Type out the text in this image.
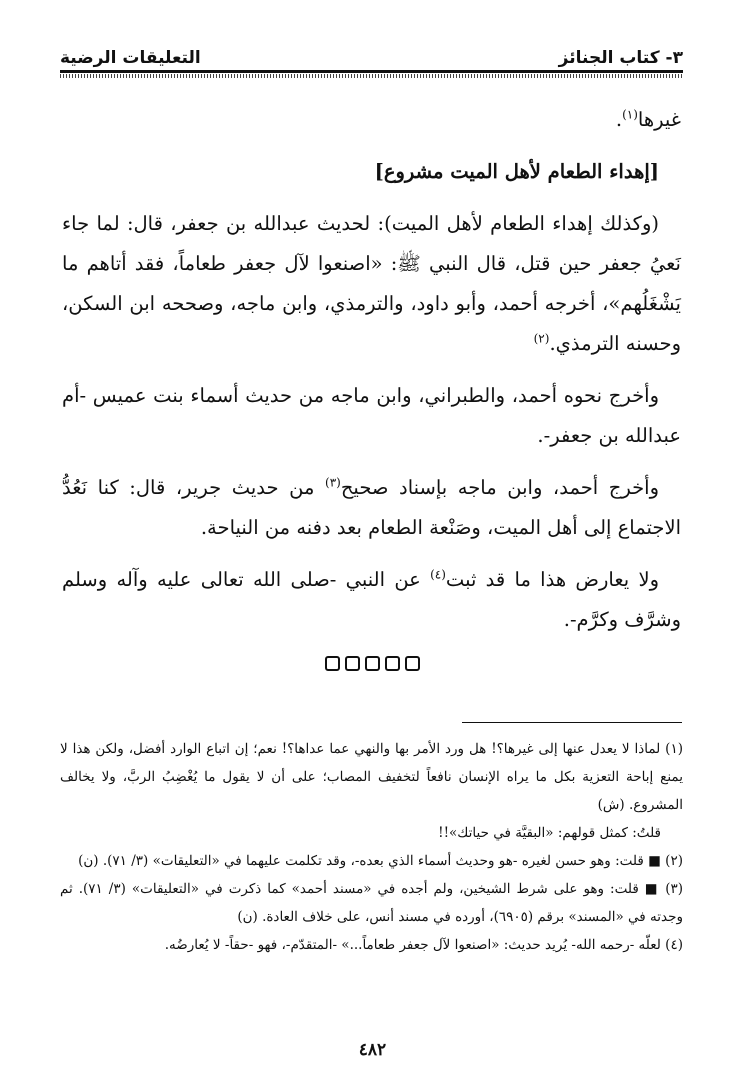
٣- كتاب الجنائز
التعليقات الرضية

غيرها$^{(١)}$.

[إهداء الطعام لأهل الميت مشروع]

(وكذلك إهداء الطعام لأهل الميت): لحديث عبدالله بن جعفر، قال: لما جاء نَعيُ جعفر حين قتل، قال النبي ﷺ: «اصنعوا لآل جعفر طعاماً، فقد أتاهم ما يَشْغَلُهم»، أخرجه أحمد، وأبو داود، والترمذي، وابن ماجه، وصححه ابن السكن، وحسنه الترمذي.$^{(٢)}$

وأخرج نحوه أحمد، والطبراني، وابن ماجه من حديث أسماء بنت عميس -أم عبدالله بن جعفر-.

وأخرج أحمد، وابن ماجه بإسناد صحيح$^{(٣)}$ من حديث جرير، قال: كنا نَعُدُّ الاجتماع إلى أهل الميت، وصَنْعة الطعام بعد دفنه من النياحة.

ولا يعارض هذا ما قد ثبت$^{(٤)}$ عن النبي -صلى الله تعالى عليه وآله وسلم وشرَّف وكرَّم-.

(١) لماذا لا يعدل عنها إلى غيرها؟! هل ورد الأمر بها والنهي عما عداها؟! نعم؛ إن اتباع الوارد أفضل، ولكن هذا لا يمنع إباحة التعزية بكل ما يراه الإنسان نافعاً لتخفيف المصاب؛ على أن لا يقول ما يُغْضِبُ الربَّ، ولا يخالف المشروع. (ش)

قلتُ: كمثل قولهم: «البقيَّة في حياتك»!!

(٢) ■ قلت: وهو حسن لغيره -هو وحديث أسماء الذي بعده-، وقد تكلمت عليهما في «التعليقات» (٣/ ٧١). (ن)

(٣) ■ قلت: وهو على شرط الشيخين، ولم أجده في «مسند أحمد» كما ذكرت في «التعليقات» (٣/ ٧١). ثم وجدته في «المسند» برقم (٦٩٠٥)، أورده في مسند أنس، على خلاف العادة. (ن)

(٤) لعلّه -رحمه الله- يُريد حديث: «اصنعوا لآل جعفر طعاماً...» -المتقدّم-، فهو -حقاً- لا يُعارضُه.

٤٨٢
